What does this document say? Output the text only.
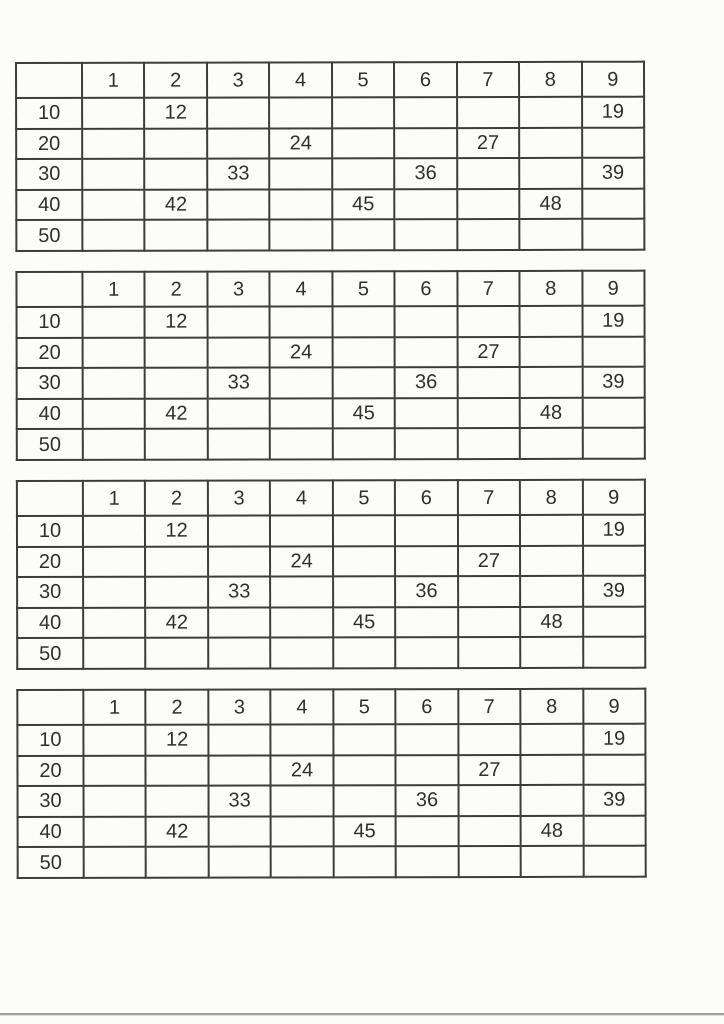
	1	2	3	4	5	6	7	8	9
10		12							19
20				24			27		
30			33			36			39
40		42			45			48	
50									
	1	2	3	4	5	6	7	8	9
10		12							19
20				24			27		
30			33			36			39
40		42			45			48	
50									
	1	2	3	4	5	6	7	8	9
10		12							19
20				24			27		
30			33			36			39
40		42			45			48	
50									
	1	2	3	4	5	6	7	8	9
10		12							19
20				24			27		
30			33			36			39
40		42			45			48	
50									
